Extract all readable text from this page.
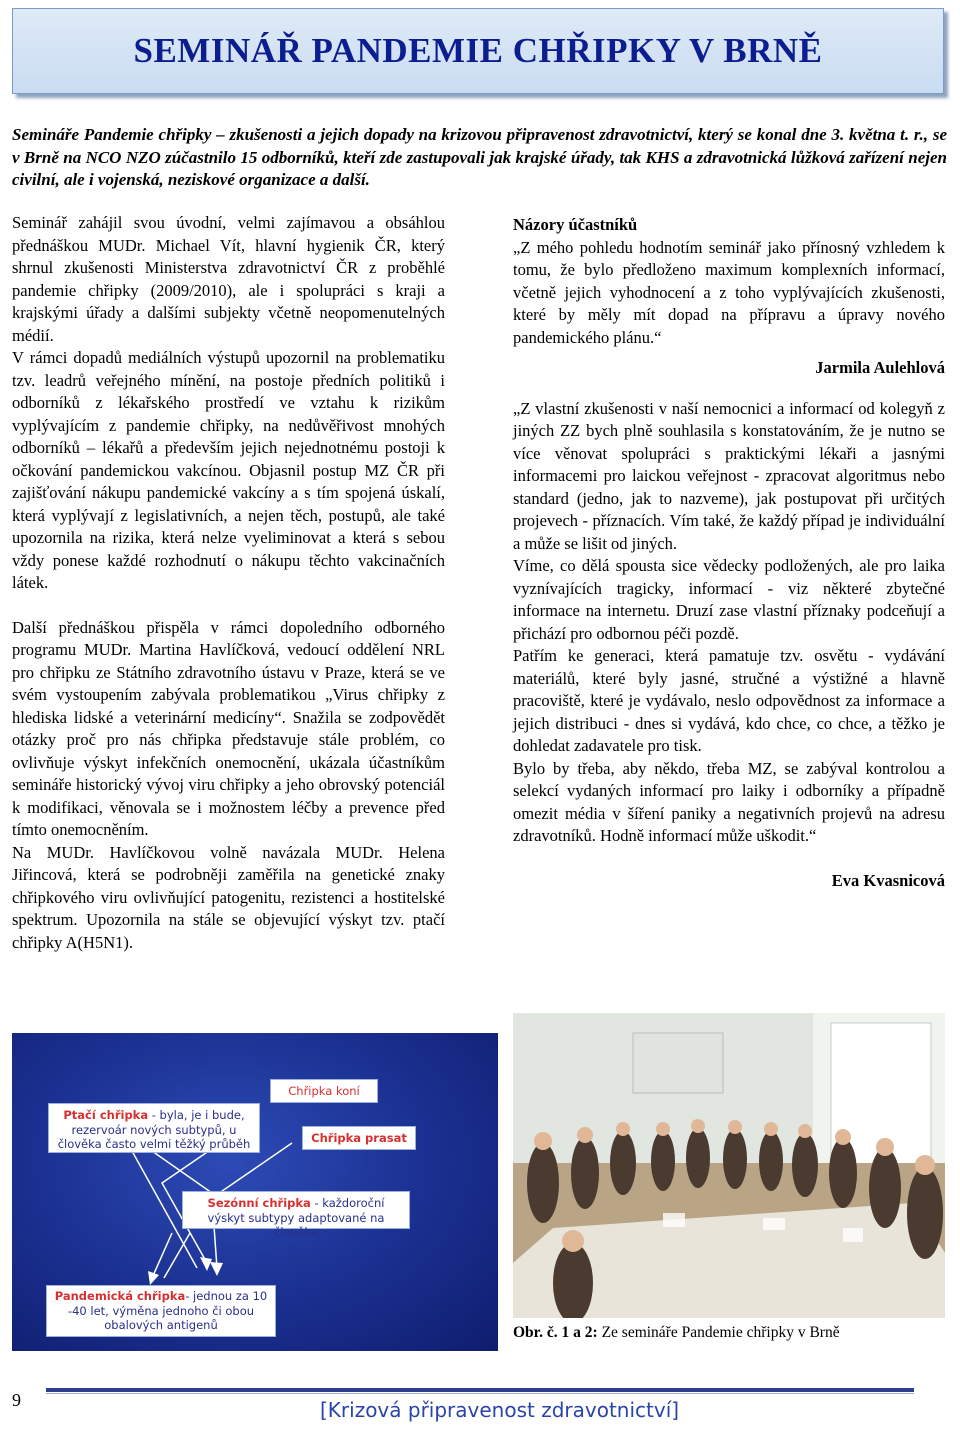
SEMINÁŘ PANDEMIE CHŘIPKY V BRNĚ

Semináře Pandemie chřipky – zkušenosti a jejich dopady na krizovou připravenost zdravotnictví, který se konal dne 3. května t. r., se v Brně na NCO NZO zúčastnilo 15 odborníků, kteří zde zastupovali jak krajské úřady, tak KHS a zdravotnická lůžková zařízení nejen civilní, ale i vojenská, neziskové organizace a další.

Seminář zahájil svou úvodní, velmi zajímavou a obsáhlou přednáškou MUDr. Michael Vít, hlavní hygienik ČR, který shrnul zkušenosti Ministerstva zdravotnictví ČR z proběhlé pandemie chřipky (2009/2010), ale i spolupráci s kraji a krajskými úřady a dalšími subjekty včetně neopomenutelných médií.

V rámci dopadů mediálních výstupů upozornil na problematiku tzv. leadrů veřejného mínění, na postoje předních politiků i odborníků z lékařského prostředí ve vztahu k rizikům vyplývajícím z pandemie chřipky, na nedůvěřivost mnohých odborníků – lékařů a především jejich nejednotnému postoji k očkování pandemickou vakcínou. Objasnil postup MZ ČR při zajišťování nákupu pandemické vakcíny a s tím spojená úskalí, která vyplývají z legislativních, a nejen těch, postupů, ale také upozornila na rizika, která nelze vyeliminovat a která s sebou vždy ponese každé rozhodnutí o nákupu těchto vakcinačních látek.

Další přednáškou přispěla v rámci dopoledního odborného programu MUDr. Martina Havlíčková, vedoucí oddělení NRL pro chřipku ze Státního zdravotního ústavu v Praze, která se ve svém vystoupením zabývala problematikou „Virus chřipky z hlediska lidské a veterinární medicíny“. Snažila se zodpovědět otázky proč pro nás chřipka představuje stále problém, co ovlivňuje výskyt infekčních onemocnění, ukázala účastníkům semináře historický vývoj viru chřipky a jeho obrovský potenciál k modifikaci, věnovala se i možnostem léčby a prevence před tímto onemocněním.

Na MUDr. Havlíčkovou volně navázala MUDr. Helena Jiřincová, která se podrobněji zaměřila na genetické znaky chřipkového viru ovlivňující patogenitu, rezistenci a hostitelské spektrum. Upozornila na stále se objevující výskyt tzv. ptačí chřipky A(H5N1).

Názory účastníků

„Z mého pohledu hodnotím seminář jako přínosný vzhledem k tomu, že bylo předloženo maximum komplexních informací, včetně jejich vyhodnocení a z toho vyplývajících zkušenosti, které by měly mít dopad na přípravu a úpravy nového pandemického plánu.“

Jarmila Aulehlová

„Z vlastní zkušenosti v naší nemocnici a informací od kolegyň z jiných ZZ bych plně souhlasila s konstatováním, že je nutno se více věnovat spolupráci s praktickými lékaři a jasnými informacemi pro laickou veřejnost - zpracovat algoritmus nebo standard (jedno, jak to nazveme), jak postupovat při určitých projevech - příznacích. Vím také, že každý případ je individuální a může se lišit od jiných.

Víme, co dělá spousta sice vědecky podložených, ale pro laika vyznívajících tragicky, informací - viz některé zbytečné informace na internetu. Druzí zase vlastní příznaky podceňují a přichází pro odbornou péči pozdě.

Patřím ke generaci, která pamatuje tzv. osvětu - vydávání materiálů, které byly jasné, stručné a výstižné a hlavně pracoviště, které je vydávalo, neslo odpovědnost za informace a jejich distribuci - dnes si vydává, kdo chce, co chce, a těžko je dohledat zadavatele pro tisk.

Bylo by třeba, aby někdo, třeba MZ, se zabýval kontrolou a selekcí vydaných informací pro laiky i odborníky a případně omezit média v šíření paniky a negativních projevů na adresu zdravotníků. Hodně informací může uškodit.“

Eva Kvasnicová

Chřipka koní
Chřipka prasat
Ptačí chřipka - byla, je i bude, rezervoár nových subtypů, u člověka často velmi těžký průběh
Sezónní chřipka - každoroční výskyt subtypy adaptované na člověka
Pandemická chřipka- jednou za 10 -40 let, výměna jednoho či obou obalových antigenů	Obr. č. 1 a 2: Ze semináře Pandemie chřipky v Brně
9	[Krizová připravenost zdravotnictví]
